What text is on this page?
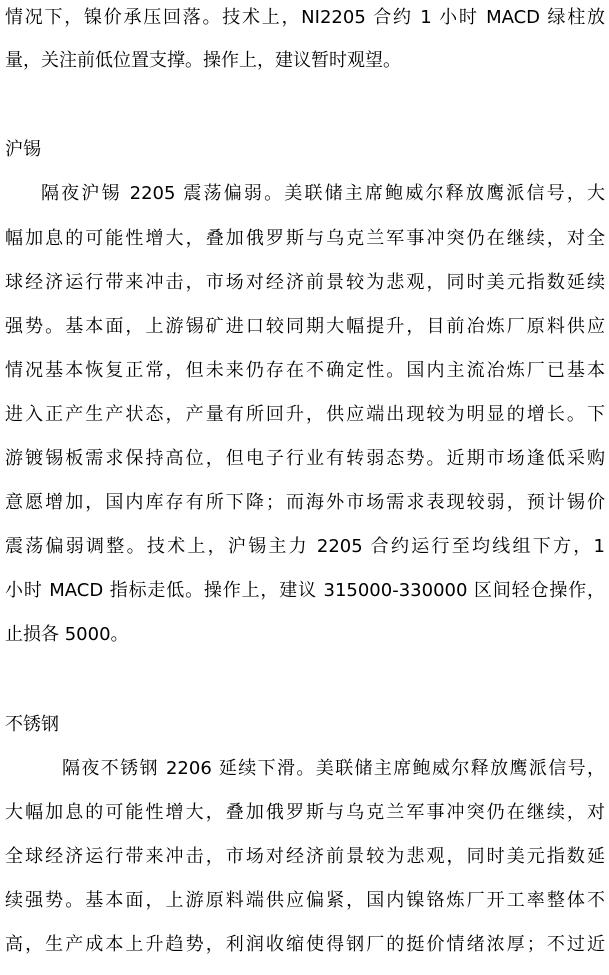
情况下，镍价承压回落。技术上，NI2205 合约 1 小时 MACD 绿柱放
量，关注前低位置支撑。操作上，建议暂时观望。
沪锡
隔夜沪锡 2205 震荡偏弱。美联储主席鲍威尔释放鹰派信号，大
幅加息的可能性增大，叠加俄罗斯与乌克兰军事冲突仍在继续，对全
球经济运行带来冲击，市场对经济前景较为悲观，同时美元指数延续
强势。基本面，上游锡矿进口较同期大幅提升，目前冶炼厂原料供应
情况基本恢复正常，但未来仍存在不确定性。国内主流冶炼厂已基本
进入正产生产状态，产量有所回升，供应端出现较为明显的增长。下
游镀锡板需求保持高位，但电子行业有转弱态势。近期市场逢低采购
意愿增加，国内库存有所下降；而海外市场需求表现较弱，预计锡价
震荡偏弱调整。技术上，沪锡主力 2205 合约运行至均线组下方，1
小时 MACD 指标走低。操作上，建议 315000-330000 区间轻仓操作，
止损各 5000。
不锈钢
隔夜不锈钢 2206 延续下滑。美联储主席鲍威尔释放鹰派信号，
大幅加息的可能性增大，叠加俄罗斯与乌克兰军事冲突仍在继续，对
全球经济运行带来冲击，市场对经济前景较为悲观，同时美元指数延
续强势。基本面，上游原料端供应偏紧，国内镍铬炼厂开工率整体不
高，生产成本上升趋势，利润收缩使得钢厂的挺价情绪浓厚；不过近
